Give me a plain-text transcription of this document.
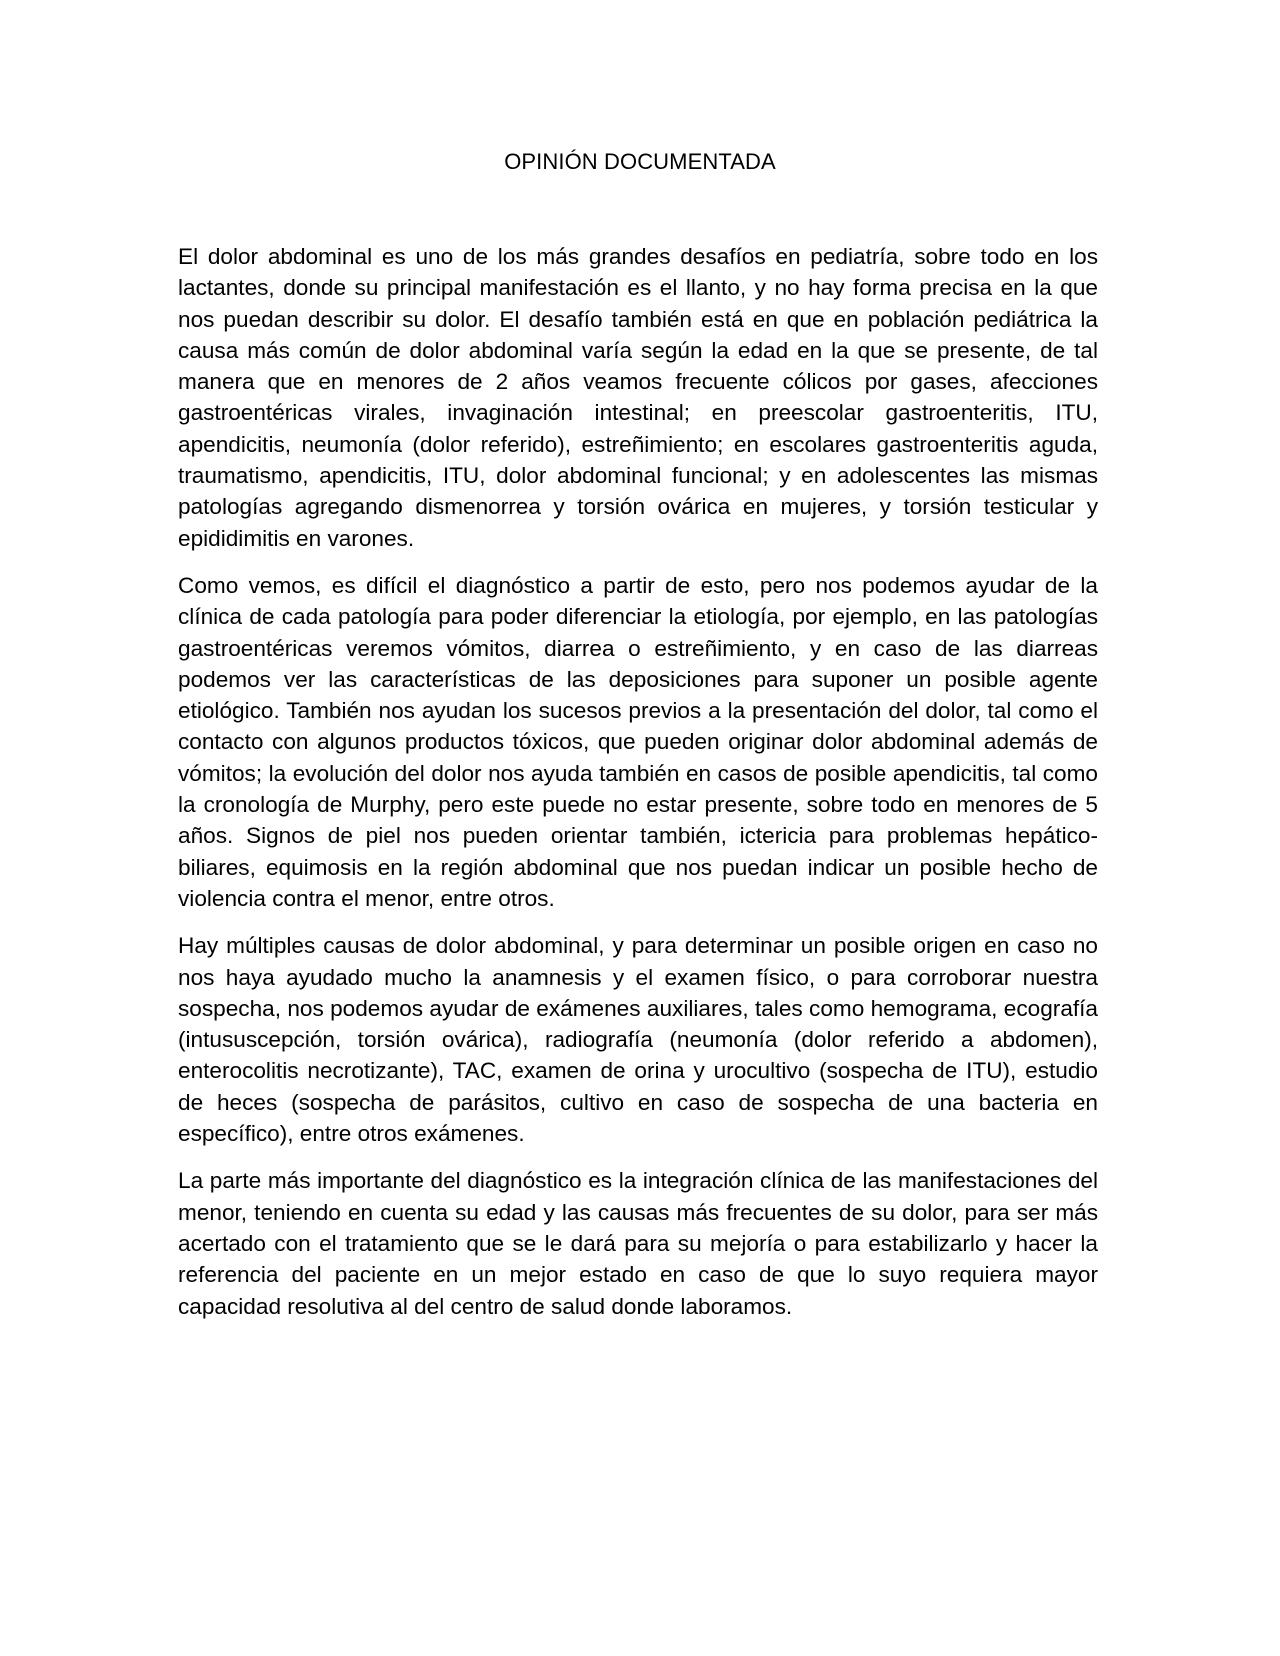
OPINIÓN DOCUMENTADA

El dolor abdominal es uno de los más grandes desafíos en pediatría, sobre todo en los lactantes, donde su principal manifestación es el llanto, y no hay forma precisa en la que nos puedan describir su dolor. El desafío también está en que en población pediátrica la causa más común de dolor abdominal varía según la edad en la que se presente, de tal manera que en menores de 2 años veamos frecuente cólicos por gases, afecciones gastroentéricas virales, invaginación intestinal; en preescolar gastroenteritis, ITU, apendicitis, neumonía (dolor referido), estreñimiento; en escolares gastroenteritis aguda, traumatismo, apendicitis, ITU, dolor abdominal funcional; y en adolescentes las mismas patologías agregando dismenorrea y torsión ovárica en mujeres, y torsión testicular y epididimitis en varones.

Como vemos, es difícil el diagnóstico a partir de esto, pero nos podemos ayudar de la clínica de cada patología para poder diferenciar la etiología, por ejemplo, en las patologías gastroentéricas veremos vómitos, diarrea o estreñimiento, y en caso de las diarreas podemos ver las características de las deposiciones para suponer un posible agente etiológico. También nos ayudan los sucesos previos a la presentación del dolor, tal como el contacto con algunos productos tóxicos, que pueden originar dolor abdominal además de vómitos; la evolución del dolor nos ayuda también en casos de posible apendicitis, tal como la cronología de Murphy, pero este puede no estar presente, sobre todo en menores de 5 años. Signos de piel nos pueden orientar también, ictericia para problemas hepático-biliares, equimosis en la región abdominal que nos puedan indicar un posible hecho de violencia contra el menor, entre otros.

Hay múltiples causas de dolor abdominal, y para determinar un posible origen en caso no nos haya ayudado mucho la anamnesis y el examen físico, o para corroborar nuestra sospecha, nos podemos ayudar de exámenes auxiliares, tales como hemograma, ecografía (intususcepción, torsión ovárica), radiografía (neumonía (dolor referido a abdomen), enterocolitis necrotizante), TAC, examen de orina y urocultivo (sospecha de ITU), estudio de heces (sospecha de parásitos, cultivo en caso de sospecha de una bacteria en específico), entre otros exámenes.

La parte más importante del diagnóstico es la integración clínica de las manifestaciones del menor, teniendo en cuenta su edad y las causas más frecuentes de su dolor, para ser más acertado con el tratamiento que se le dará para su mejoría o para estabilizarlo y hacer la referencia del paciente en un mejor estado en caso de que lo suyo requiera mayor capacidad resolutiva al del centro de salud donde laboramos.
